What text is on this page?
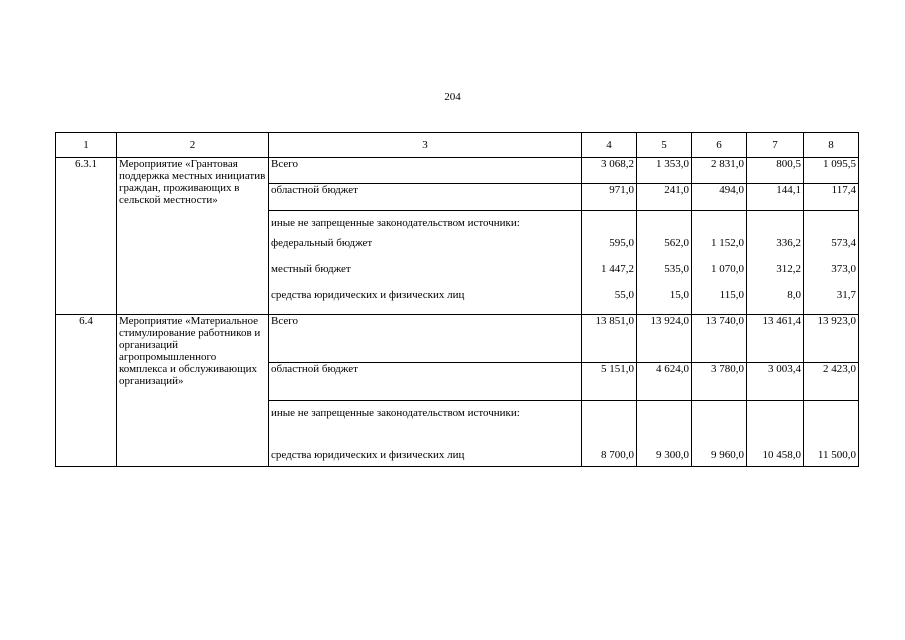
204
1	2	3	4	5	6	7	8
6.3.1	Мероприятие «Грантовая поддержка местных инициатив граждан, проживающих в сельской местности»	Всего	3 068,2	1 353,0	2 831,0	800,5	1 095,5
		областной бюджет	971,0	241,0	494,0	144,1	117,4
		иные не запрещенные законодательством источники:					
		федеральный бюджет	595,0	562,0	1 152,0	336,2	573,4
		местный бюджет	1 447,2	535,0	1 070,0	312,2	373,0
		средства юридических и физических лиц	55,0	15,0	115,0	8,0	31,7
6.4	Мероприятие «Материальное стимулирование работников и организаций агропромышленного комплекса и обслуживающих организаций»	Всего	13 851,0	13 924,0	13 740,0	13 461,4	13 923,0
		областной бюджет	5 151,0	4 624,0	3 780,0	3 003,4	2 423,0
		иные не запрещенные законодательством источники:					
		средства юридических и физических лиц	8 700,0	9 300,0	9 960,0	10 458,0	11 500,0
